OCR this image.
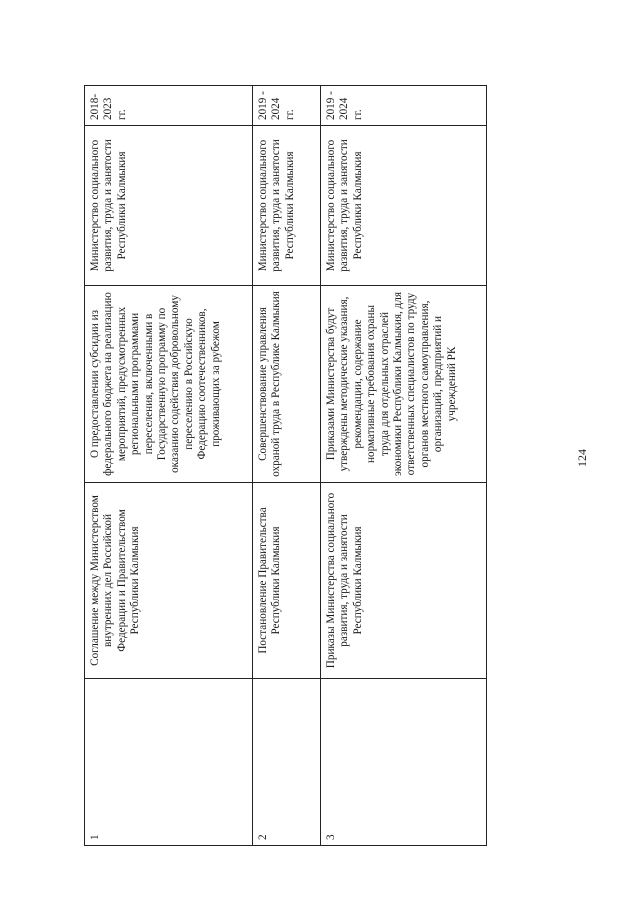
1	Соглашение между Министерством внутренних дел Российской Федерации и Правительством Республики Калмыкия	О предоставлении субсидии из федерального бюджета на реализацию мероприятий, предусмотренных региональными программами переселения, включенными в Государственную программу по оказанию содействия добровольному переселению в Российскую Федерацию соотечественников, проживающих за рубежом	Министерство социального развития, труда и занятости Республики Калмыкия	2018-2023 гг.
2	Постановление Правительства Республики Калмыкия	Совершенствование управления охраной труда в Республике Калмыкия	Министерство социального развития, труда и занятости Республики Калмыкия	2019 - 2024 гг.
3	Приказы Министерства социального развития, труда и занятости Республики Калмыкия	Приказами Министерства будут утверждены методические указания, рекомендации, содержание нормативные требования охраны труда для отдельных отраслей экономики Республики Калмыкия, для ответственных специалистов по труду органов местного самоуправления, организаций, предприятий и учреждений РК	Министерство социального развития, труда и занятости Республики Калмыкия	2019 - 2024 гг.
124
